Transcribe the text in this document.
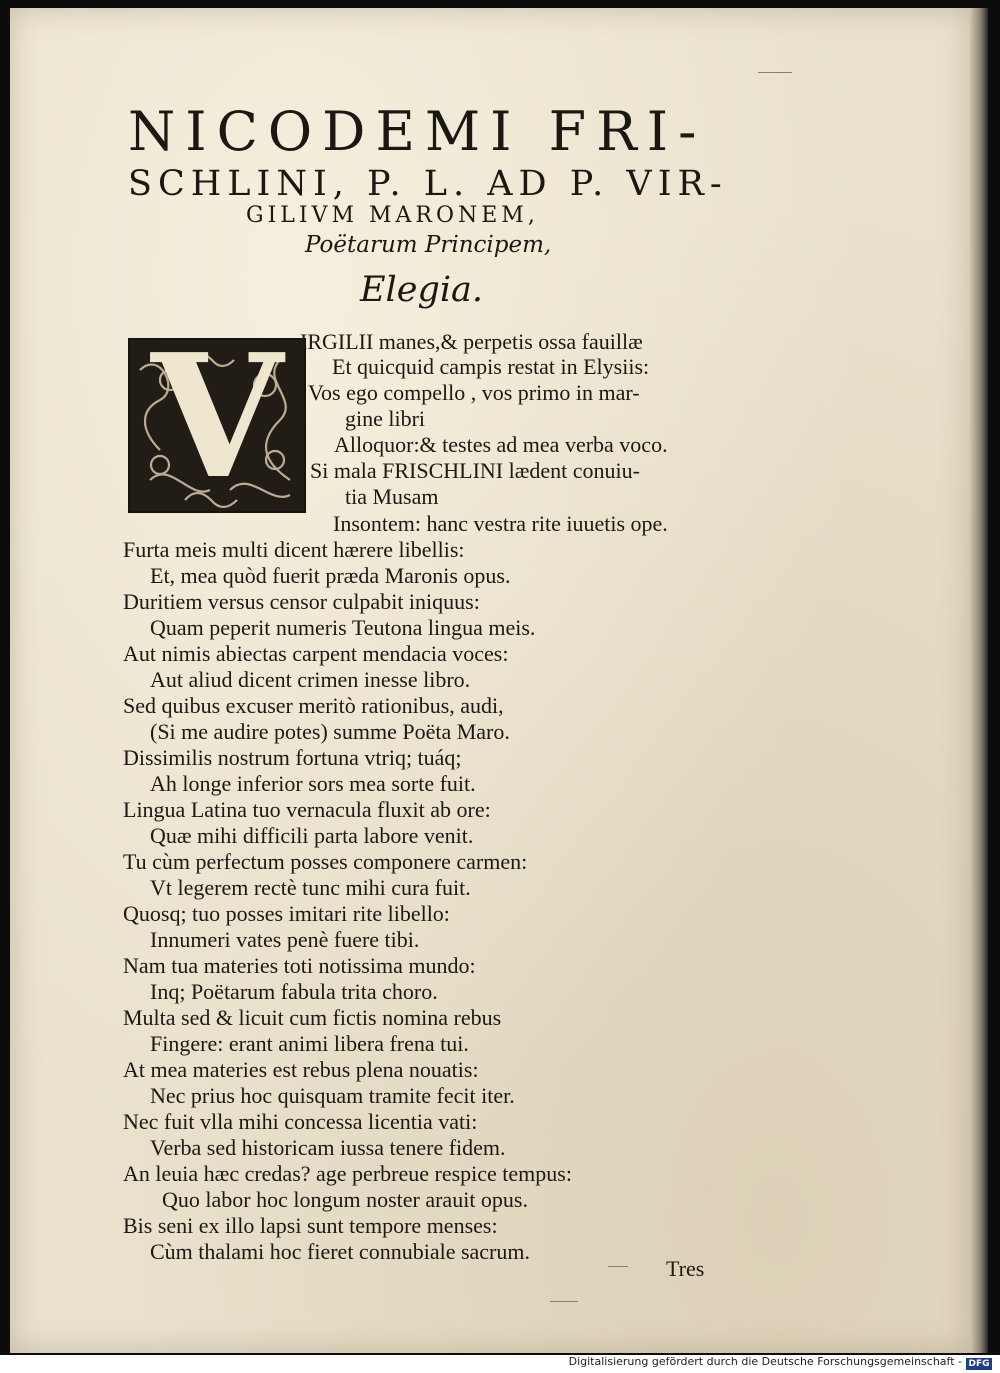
NICODEMI FRI-
SCHLINI, P. L. AD P. VIR-
GILIVM MARONEM,
Poëtarum Principem,
Elegia.
V IRGILII manes,& perpetis ossa fauillæ
Et quicquid campis restat in Elysiis:
Vos ego compello , vos primo in mar-
gine libri
Alloquor:& testes ad mea verba voco.
Si mala FRISCHLINI lædent conuiu-
tia Musam
Insontem: hanc vestra rite iuuetis ope.
Furta meis multi dicent hærere libellis:
Et, mea quòd fuerit præda Maronis opus.
Duritiem versus censor culpabit iniquus:
Quam peperit numeris Teutona lingua meis.
Aut nimis abiectas carpent mendacia voces:
Aut aliud dicent crimen inesse libro.
Sed quibus excuser meritò rationibus, audi,
(Si me audire potes) summe Poëta Maro.
Dissimilis nostrum fortuna vtriq; tuáq;
Ah longe inferior sors mea sorte fuit.
Lingua Latina tuo vernacula fluxit ab ore:
Quæ mihi difficili parta labore venit.
Tu cùm perfectum posses componere carmen:
Vt legerem rectè tunc mihi cura fuit.
Quosq; tuo posses imitari rite libello:
Innumeri vates penè fuere tibi.
Nam tua materies toti notissima mundo:
Inq; Poëtarum fabula trita choro.
Multa sed & licuit cum fictis nomina rebus
Fingere: erant animi libera frena tui.
At mea materies est rebus plena nouatis:
Nec prius hoc quisquam tramite fecit iter.
Nec fuit vlla mihi concessa licentia vati:
Verba sed historicam iussa tenere fidem.
An leuia hæc credas? age perbreue respice tempus:
Quo labor hoc longum noster arauit opus.
Bis seni ex illo lapsi sunt tempore menses:
Cùm thalami hoc fieret connubiale sacrum.
Tres
Digitalisierung gefördert durch die Deutsche Forschungsgemeinschaft - DFG
